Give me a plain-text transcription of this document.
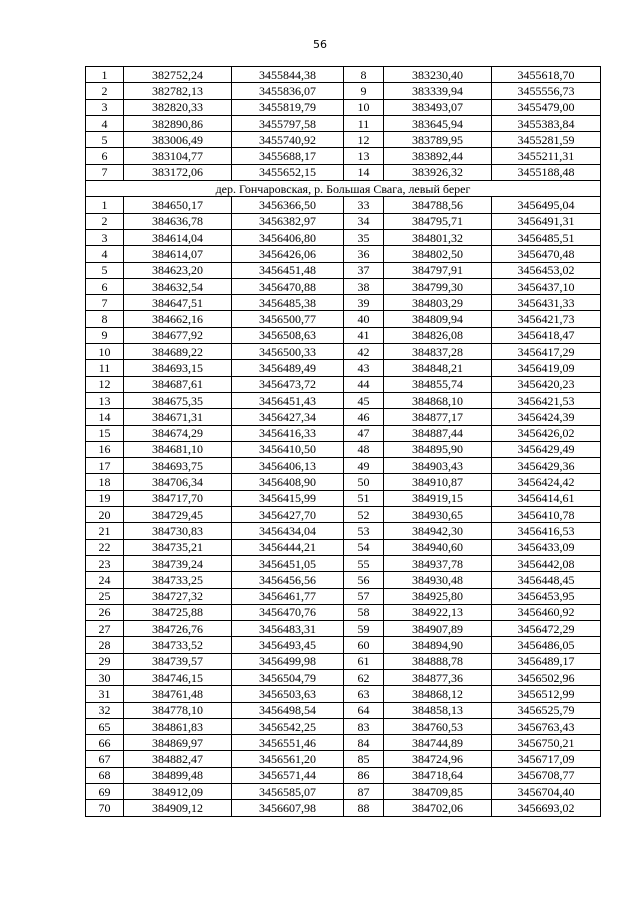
56
1	382752,24	3455844,38	8	383230,40	3455618,70
2	382782,13	3455836,07	9	383339,94	3455556,73
3	382820,33	3455819,79	10	383493,07	3455479,00
4	382890,86	3455797,58	11	383645,94	3455383,84
5	383006,49	3455740,92	12	383789,95	3455281,59
6	383104,77	3455688,17	13	383892,44	3455211,31
7	383172,06	3455652,15	14	383926,32	3455188,48
дер. Гончаровская, р. Большая Свага, левый берег					
1	384650,17	3456366,50	33	384788,56	3456495,04
2	384636,78	3456382,97	34	384795,71	3456491,31
3	384614,04	3456406,80	35	384801,32	3456485,51
4	384614,07	3456426,06	36	384802,50	3456470,48
5	384623,20	3456451,48	37	384797,91	3456453,02
6	384632,54	3456470,88	38	384799,30	3456437,10
7	384647,51	3456485,38	39	384803,29	3456431,33
8	384662,16	3456500,77	40	384809,94	3456421,73
9	384677,92	3456508,63	41	384826,08	3456418,47
10	384689,22	3456500,33	42	384837,28	3456417,29
11	384693,15	3456489,49	43	384848,21	3456419,09
12	384687,61	3456473,72	44	384855,74	3456420,23
13	384675,35	3456451,43	45	384868,10	3456421,53
14	384671,31	3456427,34	46	384877,17	3456424,39
15	384674,29	3456416,33	47	384887,44	3456426,02
16	384681,10	3456410,50	48	384895,90	3456429,49
17	384693,75	3456406,13	49	384903,43	3456429,36
18	384706,34	3456408,90	50	384910,87	3456424,42
19	384717,70	3456415,99	51	384919,15	3456414,61
20	384729,45	3456427,70	52	384930,65	3456410,78
21	384730,83	3456434,04	53	384942,30	3456416,53
22	384735,21	3456444,21	54	384940,60	3456433,09
23	384739,24	3456451,05	55	384937,78	3456442,08
24	384733,25	3456456,56	56	384930,48	3456448,45
25	384727,32	3456461,77	57	384925,80	3456453,95
26	384725,88	3456470,76	58	384922,13	3456460,92
27	384726,76	3456483,31	59	384907,89	3456472,29
28	384733,52	3456493,45	60	384894,90	3456486,05
29	384739,57	3456499,98	61	384888,78	3456489,17
30	384746,15	3456504,79	62	384877,36	3456502,96
31	384761,48	3456503,63	63	384868,12	3456512,99
32	384778,10	3456498,54	64	384858,13	3456525,79
65	384861,83	3456542,25	83	384760,53	3456763,43
66	384869,97	3456551,46	84	384744,89	3456750,21
67	384882,47	3456561,20	85	384724,96	3456717,09
68	384899,48	3456571,44	86	384718,64	3456708,77
69	384912,09	3456585,07	87	384709,85	3456704,40
70	384909,12	3456607,98	88	384702,06	3456693,02
